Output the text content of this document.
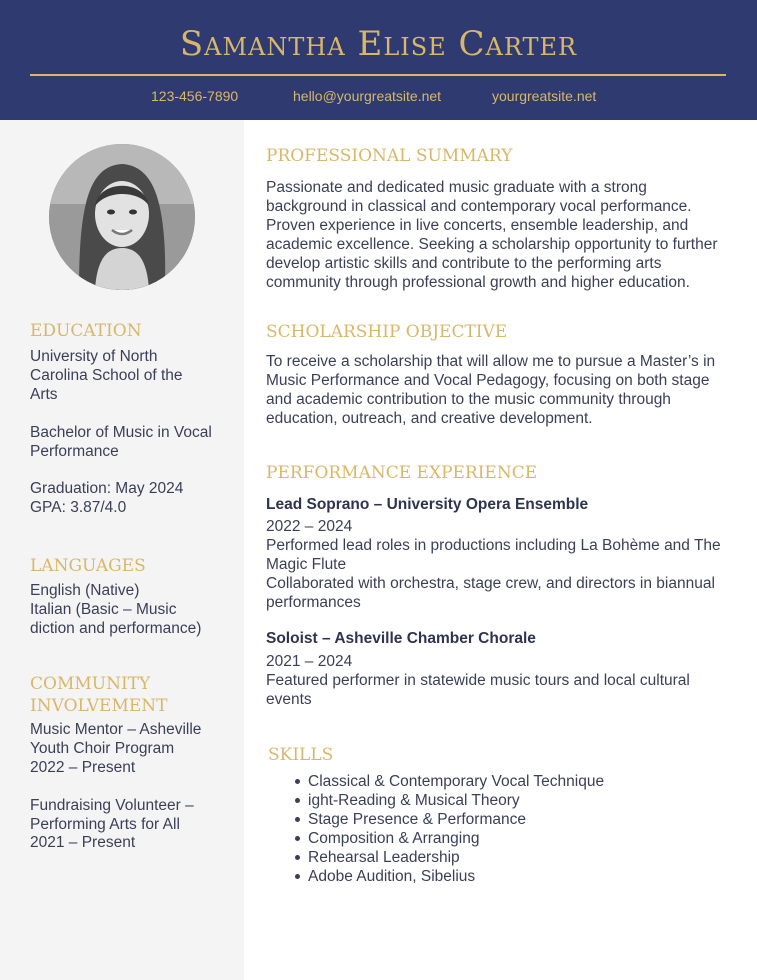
Samantha Elise Carter
123-456-7890	hello@yourgreatsite.net	yourgreatsite.net
EDUCATION
University of North Carolina School of the Arts
Bachelor of Music in Vocal Performance
Graduation: May 2024
GPA: 3.87/4.0
LANGUAGES
English (Native)
Italian (Basic – Music diction and performance)
COMMUNITY INVOLVEMENT
Music Mentor – Asheville Youth Choir Program
2022 – Present
Fundraising Volunteer – Performing Arts for All
2021 – Present
PROFESSIONAL SUMMARY
Passionate and dedicated music graduate with a strong background in classical and contemporary vocal performance. Proven experience in live concerts, ensemble leadership, and academic excellence. Seeking a scholarship opportunity to further develop artistic skills and contribute to the performing arts community through professional growth and higher education.
SCHOLARSHIP OBJECTIVE
To receive a scholarship that will allow me to pursue a Master’s in Music Performance and Vocal Pedagogy, focusing on both stage and academic contribution to the music community through education, outreach, and creative development.
PERFORMANCE EXPERIENCE
Lead Soprano – University Opera Ensemble
2022 – 2024
Performed lead roles in productions including La Bohème and The Magic Flute
Collaborated with orchestra, stage crew, and directors in biannual performances
Soloist – Asheville Chamber Chorale
2021 – 2024
Featured performer in statewide music tours and local cultural events
SKILLS
Classical & Contemporary Vocal Technique
ight-Reading & Musical Theory
Stage Presence & Performance
Composition & Arranging
Rehearsal Leadership
Adobe Audition, Sibelius
